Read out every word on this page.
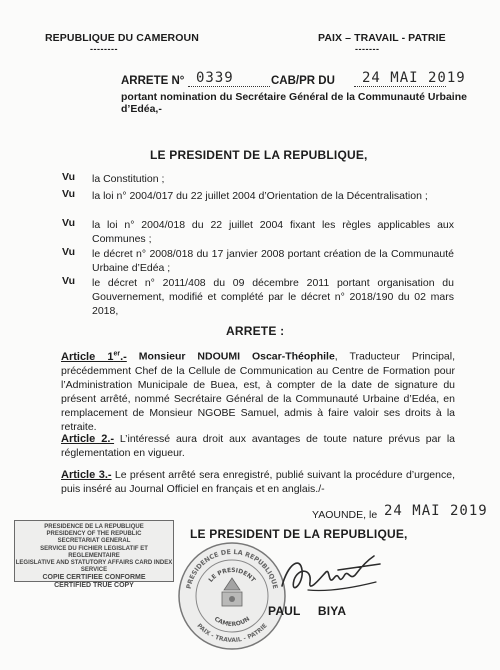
REPUBLIQUE DU CAMEROUN
--------
PAIX – TRAVAIL - PATRIE
-------
ARRETE N° 0339	CAB/PR DU 24 MAI 2019
portant nomination du Secrétaire Général de la Communauté Urbaine
d’Edéa,-
LE PRESIDENT DE LA REPUBLIQUE,
Vu la Constitution ;
Vu la loi n° 2004/017 du 22 juillet 2004 d’Orientation de la Décentralisation ;
Vu la loi n° 2004/018 du 22 juillet 2004 fixant les règles applicables aux Communes ;
Vu le décret n° 2008/018 du 17 janvier 2008 portant création de la Communauté Urbaine d’Edéa ;
Vu le décret n° 2011/408 du 09 décembre 2011 portant organisation du Gouvernement, modifié et complété par le décret n° 2018/190 du 02 mars 2018,
ARRETE :
Article 1er.- Monsieur NDOUMI Oscar-Théophile, Traducteur Principal, précédemment Chef de la Cellule de Communication au Centre de Formation pour l’Administration Municipale de Buea, est, à compter de la date de signature du présent arrêté, nommé Secrétaire Général de la Communauté Urbaine d’Edéa, en remplacement de Monsieur NGOBE Samuel, admis à faire valoir ses droits à la retraite.
Article 2.- L’intéressé aura droit aux avantages de toute nature prévus par la réglementation en vigueur.
Article 3.- Le présent arrêté sera enregistré, publié suivant la procédure d’urgence, puis inséré au Journal Officiel en français et en anglais./-
YAOUNDE, le 24 MAI 2019
LE PRESIDENT DE LA REPUBLIQUE,
PRESIDENCE DE LA REPUBLIQUE
PRESIDENCY OF THE REPUBLIC
SECRETARIAT GENERAL
SERVICE DU FICHIER LEGISLATIF ET REGLEMENTAIRE
LEGISLATIVE AND STATUTORY AFFAIRS CARD INDEX SERVICE
COPIE CERTIFIEE CONFORME
CERTIFIED TRUE COPY	PRESIDENCE DE LA REPUBLIQUE
PAIX - TRAVAIL - PATRIE
LE PRESIDENT
CAMEROUN
PAUL BIYA
